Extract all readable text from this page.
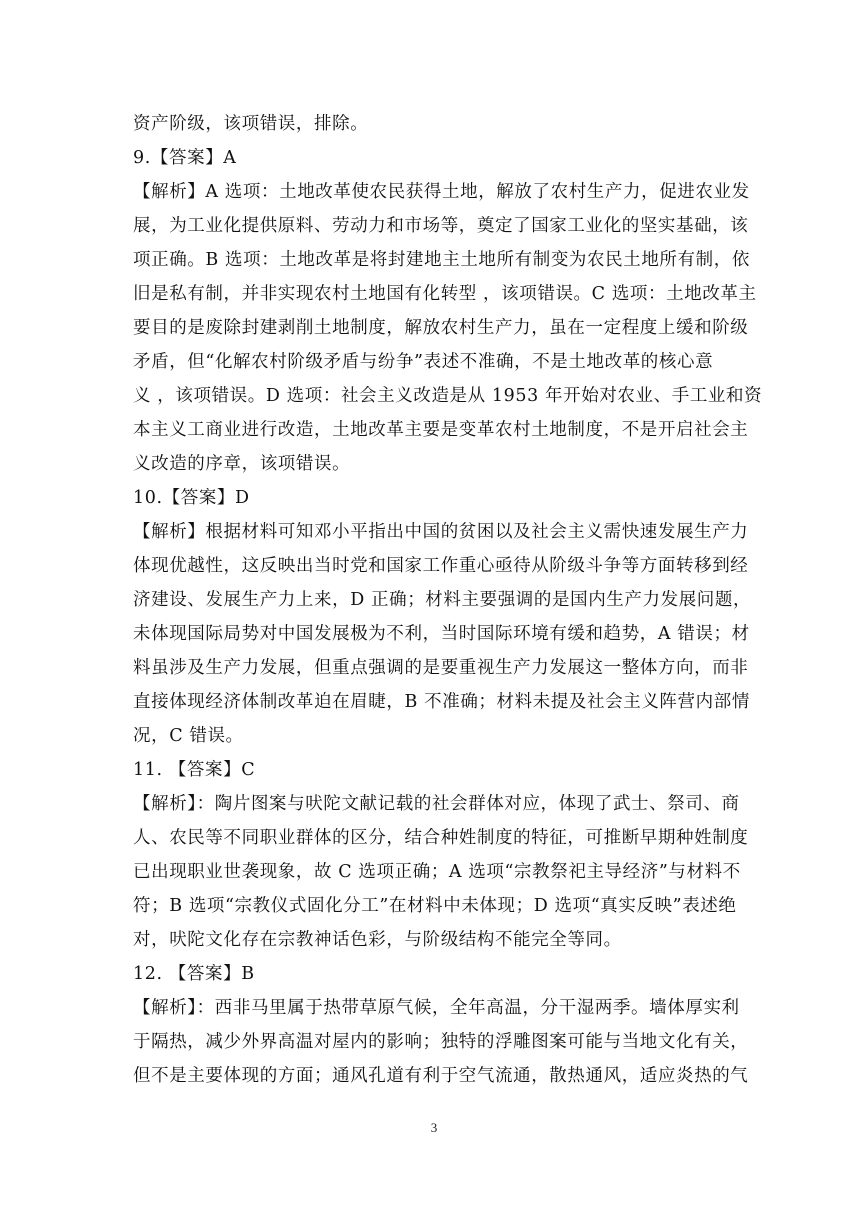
资产阶级，该项错误，排除。
9.【答案】A
【解析】A 选项：土地改革使农民获得土地，解放了农村生产力，促进农业发
展，为工业化提供原料、劳动力和市场等，奠定了国家工业化的坚实基础，该
项正确。B 选项：土地改革是将封建地主土地所有制变为农民土地所有制，依
旧是私有制，并非实现农村土地国有化转型 ，该项错误。C 选项：土地改革主
要目的是废除封建剥削土地制度，解放农村生产力，虽在一定程度上缓和阶级
矛盾，但“化解农村阶级矛盾与纷争”表述不准确，不是土地改革的核心意
义 ，该项错误。D 选项：社会主义改造是从 1953 年开始对农业、手工业和资
本主义工商业进行改造，土地改革主要是变革农村土地制度，不是开启社会主
义改造的序章，该项错误。
10.【答案】D
【解析】根据材料可知邓小平指出中国的贫困以及社会主义需快速发展生产力
体现优越性，这反映出当时党和国家工作重心亟待从阶级斗争等方面转移到经
济建设、发展生产力上来，D 正确；材料主要强调的是国内生产力发展问题，
未体现国际局势对中国发展极为不利，当时国际环境有缓和趋势，A 错误；材
料虽涉及生产力发展，但重点强调的是要重视生产力发展这一整体方向，而非
直接体现经济体制改革迫在眉睫，B 不准确；材料未提及社会主义阵营内部情
况，C 错误。
11. 【答案】C
【解析】：陶片图案与吠陀文献记载的社会群体对应，体现了武士、祭司、商
人、农民等不同职业群体的区分，结合种姓制度的特征，可推断早期种姓制度
已出现职业世袭现象，故 C 选项正确；A 选项“宗教祭祀主导经济”与材料不
符；B 选项“宗教仪式固化分工”在材料中未体现；D 选项“真实反映”表述绝
对，吠陀文化存在宗教神话色彩，与阶级结构不能完全等同。
12. 【答案】B
【解析】：西非马里属于热带草原气候，全年高温，分干湿两季。墙体厚实利
于隔热，减少外界高温对屋内的影响；独特的浮雕图案可能与当地文化有关，
但不是主要体现的方面；通风孔道有利于空气流通，散热通风，适应炎热的气
3
